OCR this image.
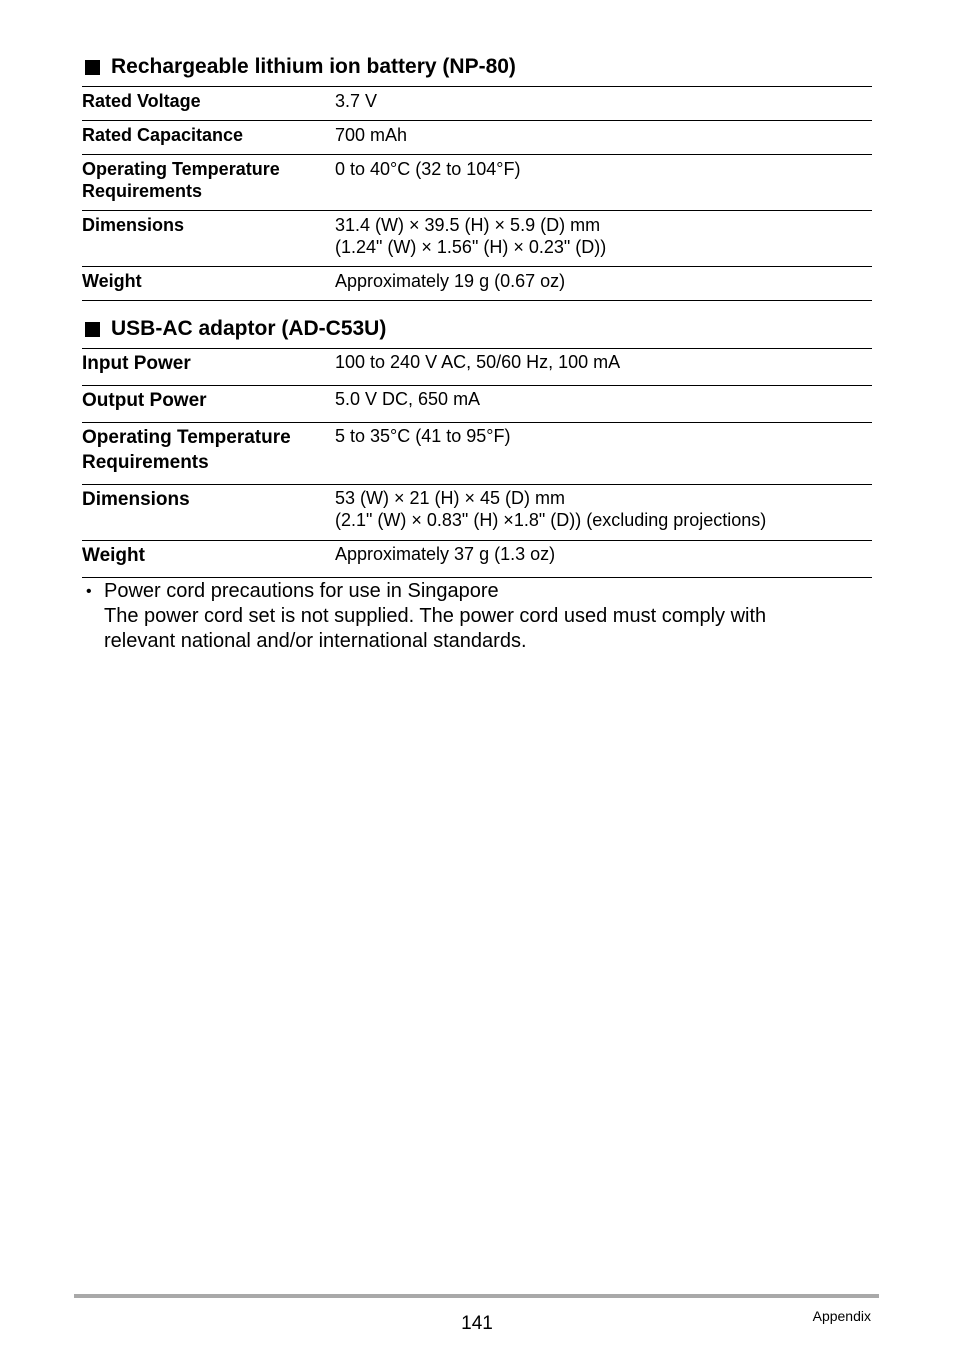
Rechargeable lithium ion battery (NP-80)
Rated Voltage	3.7 V
Rated Capacitance	700 mAh

Operating Temperature
Requirements	0 to 40°C (32 to 104°F)
Dimensions	31.4 (W) × 39.5 (H) × 5.9 (D) mm
(1.24" (W) × 1.56" (H) × 0.23" (D))

Weight	Approximately 19 g (0.67 oz)
USB-AC adaptor (AD-C53U)
Input Power	100 to 240 V AC, 50/60 Hz, 100 mA
Output Power	5.0 V DC, 650 mA

Operating Temperature
Requirements	5 to 35°C (41 to 95°F)
Dimensions	53 (W) × 21 (H) × 45 (D) mm
(2.1" (W) × 0.83" (H) ×1.8" (D)) (excluding projections)

Weight	Approximately 37 g (1.3 oz)
• Power cord precautions for use in Singapore
The power cord set is not supplied. The power cord used must comply with
relevant national and/or international standards.
141	Appendix
